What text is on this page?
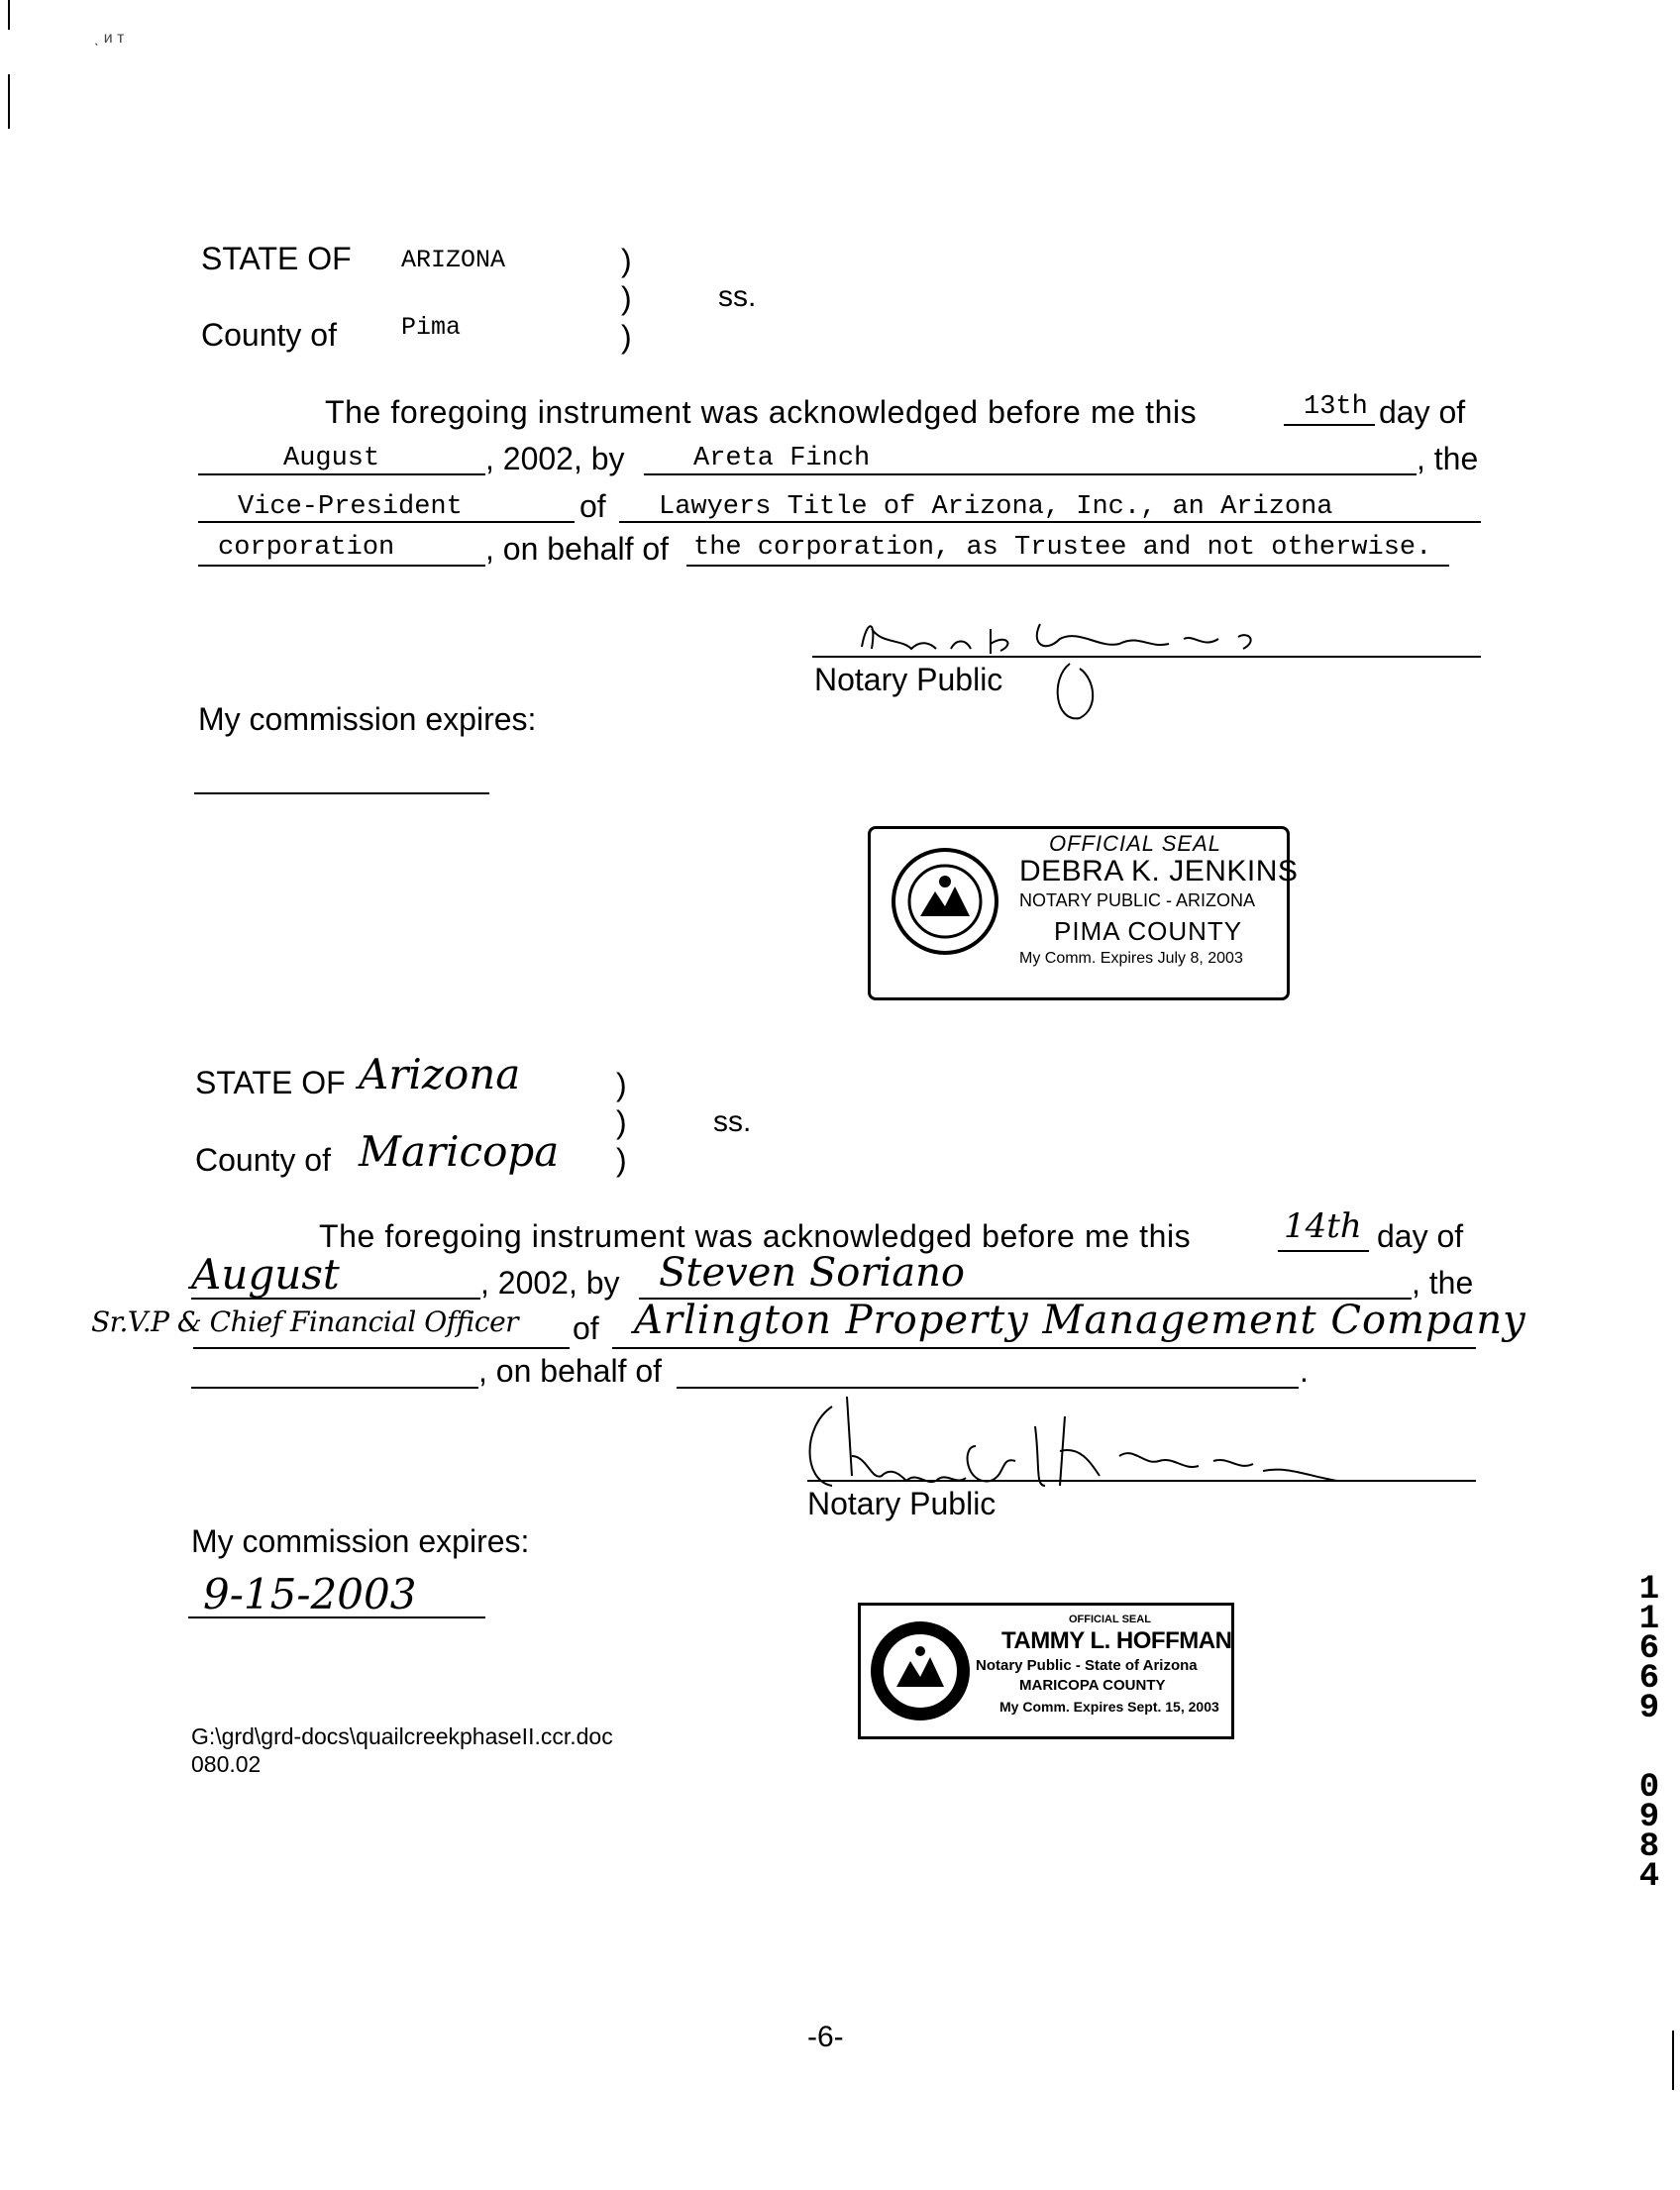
ˎ ᴎ ᴛ
STATE OF ARIZONA
County of	Pima
)
)
)
ss.
The foregoing instrument was acknowledged before me this	13th day of
August	, 2002, by	Areta Finch	, the
Vice-President	of Lawyers Title of Arizona, Inc., an Arizona
corporation	, on behalf of the corporation, as Trustee and not otherwise.
Notary Public
My commission expires:
OFFICIAL SEAL
DEBRA K. JENKINS
NOTARY PUBLIC - ARIZONA
PIMA COUNTY
My Comm. Expires July 8, 2003
STATE OF Arizona
County of Maricopa
)
)
)
ss.
The foregoing instrument was acknowledged before me this	14th day of
August	, 2002, by Steven Soriano	, the
Sr.V.P & Chief Financial Officer of Arlington Property Management Company
, on behalf of	.
Notary Public
My commission expires:
9-15-2003
OFFICIAL SEAL
TAMMY L. HOFFMAN
Notary Public - State of Arizona
MARICOPA COUNTY
My Comm. Expires Sept. 15, 2003
G:\grd\grd-docs\quailcreekphaseII.ccr.doc
080.02
-6-
1 1 6 6 9
0 9 8 4
